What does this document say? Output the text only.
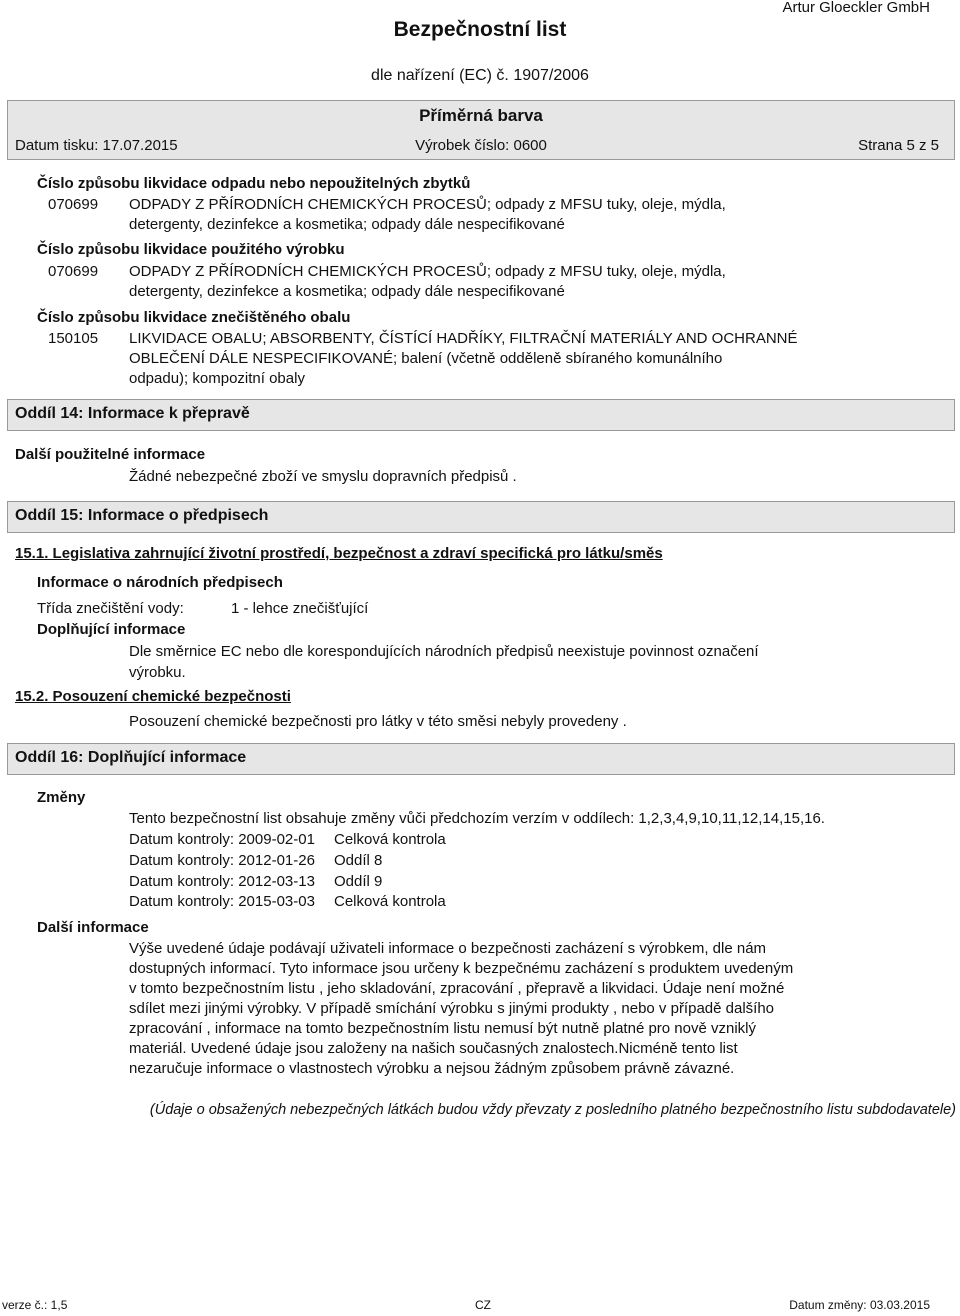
Bezpečnostní list
Artur Gloeckler GmbH
dle nařízení (EC) č. 1907/2006
Příměrná barva
Datum tisku: 17.07.2015	Výrobek číslo: 0600	Strana 5 z 5
Číslo způsobu likvidace odpadu nebo nepoužitelných zbytků
070699 ODPADY Z PŘÍRODNÍCH CHEMICKÝCH PROCESŮ; odpady z MFSU tuky, oleje, mýdla,
detergenty, dezinfekce a kosmetika; odpady dále nespecifikované
Číslo způsobu likvidace použitého výrobku
070699 ODPADY Z PŘÍRODNÍCH CHEMICKÝCH PROCESŮ; odpady z MFSU tuky, oleje, mýdla,
detergenty, dezinfekce a kosmetika; odpady dále nespecifikované
Číslo způsobu likvidace znečištěného obalu
150105 LIKVIDACE OBALU; ABSORBENTY, ČÍSTÍCÍ HADŘÍKY, FILTRAČNÍ MATERIÁLY AND OCHRANNÉ
OBLEČENÍ DÁLE NESPECIFIKOVANÉ; balení (včetně odděleně sbíraného komunálního
odpadu); kompozitní obaly
Oddíl 14: Informace k přepravě
Další použitelné informace
Žádné nebezpečné zboží ve smyslu dopravních předpisů .
Oddíl 15: Informace o předpisech
15.1. Legislativa zahrnující životní prostředí, bezpečnost a zdraví specifická pro látku/směs
Informace o národních předpisech
Třída znečištění vody:	1 - lehce znečišťující
Doplňující informace
Dle směrnice EC nebo dle korespondujících národních předpisů neexistuje povinnost označení výrobku.
15.2. Posouzení chemické bezpečnosti
Posouzení chemické bezpečnosti pro látky v této směsi nebyly provedeny .
Oddíl 16: Doplňující informace
Změny
Tento bezpečnostní list obsahuje změny vůči předchozím verzím v oddílech: 1,2,3,4,9,10,11,12,14,15,16.
Datum kontroly: 2009-02-01 Celková kontrola
Datum kontroly: 2012-01-26 Oddíl 8
Datum kontroly: 2012-03-13 Oddíl 9
Datum kontroly: 2015-03-03 Celková kontrola
Další informace
Výše uvedené údaje podávají uživateli informace o bezpečnosti zacházení s výrobkem, dle nám
dostupných informací. Tyto informace jsou určeny k bezpečnému zacházení s produktem uvedeným
v tomto bezpečnostním listu , jeho skladování, zpracování , přepravě a likvidaci. Údaje není možné
sdílet mezi jinými výrobky. V případě smíchání výrobku s jinými produkty , nebo v případě dalšího
zpracování , informace na tomto bezpečnostním listu nemusí být nutně platné pro nově vzniklý
materiál. Uvedené údaje jsou založeny na našich současných znalostech.Nicméně tento list
nezaručuje informace o vlastnostech výrobku a nejsou žádným způsobem právně závazné.
(Údaje o obsažených nebezpečných látkách budou vždy převzaty z posledního platného bezpečnostního listu subdodavatele)
verze č.: 1,5	CZ	Datum změny: 03.03.2015
